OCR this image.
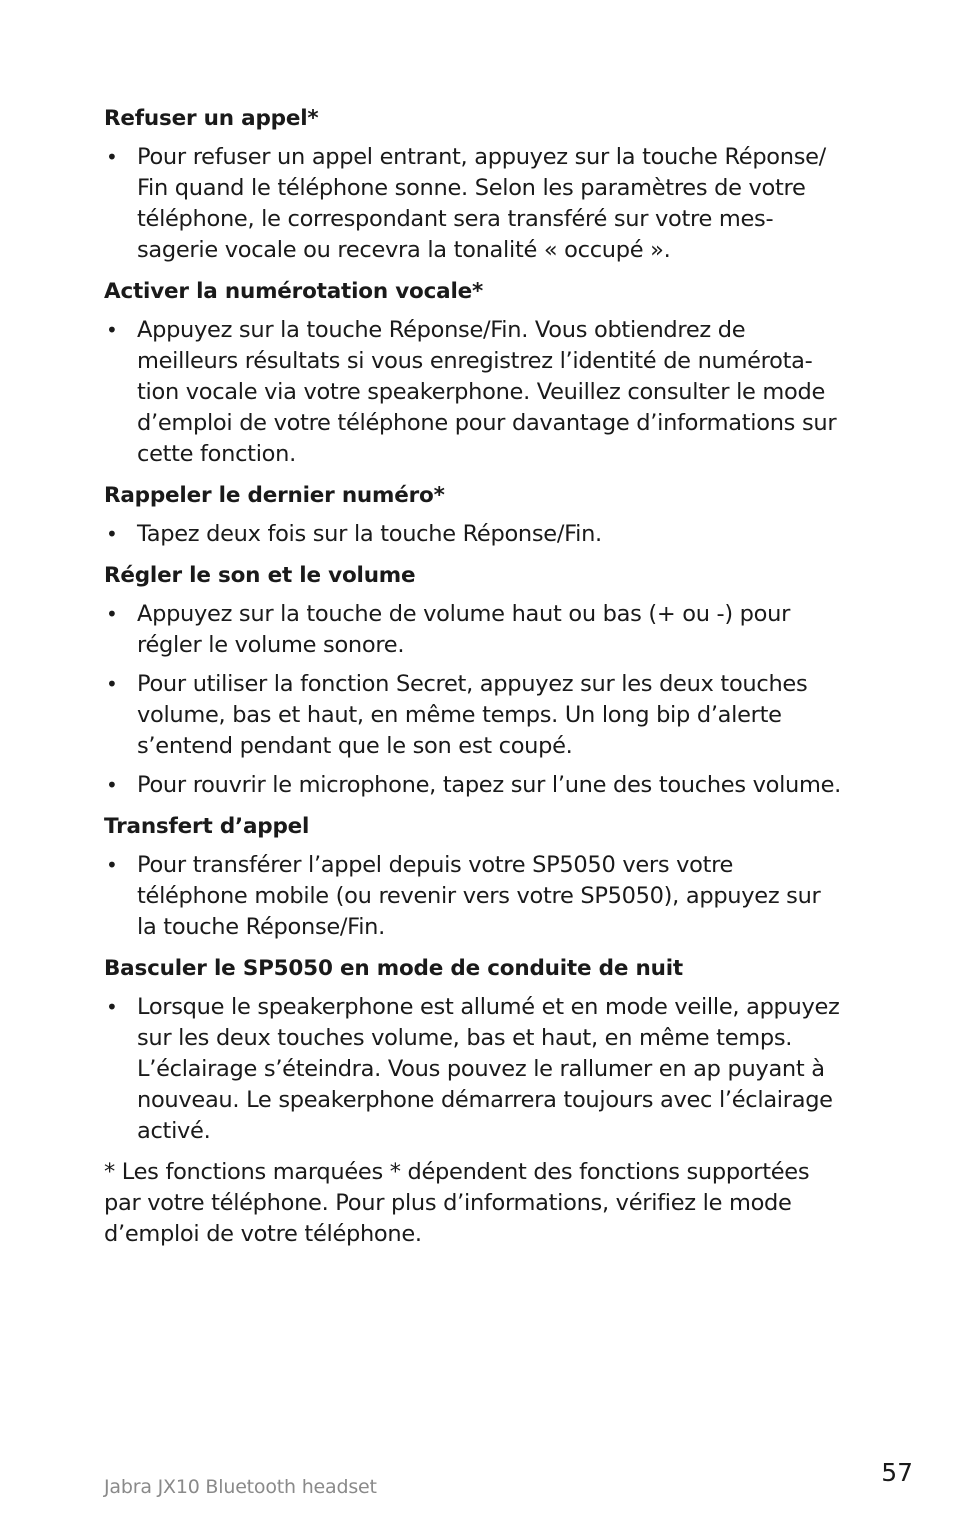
Refuser un appel*
• Pour refuser un appel entrant, appuyez sur la touche Réponse/ Fin quand le téléphone sonne. Selon les paramètres de votre téléphone, le correspondant sera transféré sur votre mes- sagerie vocale ou recevra la tonalité « occupé ».
Activer la numérotation vocale*
• Appuyez sur la touche Réponse/Fin. Vous obtiendrez de meilleurs résultats si vous enregistrez l’identité de numérota- tion vocale via votre speakerphone. Veuillez consulter le mode d’emploi de votre téléphone pour davantage d’informations sur cette fonction.
Rappeler le dernier numéro*
• Tapez deux fois sur la touche Réponse/Fin.
Régler le son et le volume
• Appuyez sur la touche de volume haut ou bas (+ ou -) pour régler le volume sonore.
• Pour utiliser la fonction Secret, appuyez sur les deux touches volume, bas et haut, en même temps. Un long bip d’alerte s’entend pendant que le son est coupé.
• Pour rouvrir le microphone, tapez sur l’une des touches volume.
Transfert d’appel
• Pour transférer l’appel depuis votre SP5050 vers votre téléphone mobile (ou revenir vers votre SP5050), appuyez sur la touche Réponse/Fin.
Basculer le SP5050 en mode de conduite de nuit
• Lorsque le speakerphone est allumé et en mode veille, appuyez sur les deux touches volume, bas et haut, en même temps. L’éclairage s’éteindra. Vous pouvez le rallumer en ap puyant à nouveau. Le speakerphone démarrera toujours avec l’éclairage activé.

* Les fonctions marquées * dépendent des fonctions supportées par votre téléphone. Pour plus d’informations, vérifiez le mode d’emploi de votre téléphone.

Jabra JX10 Bluetooth headset	57
